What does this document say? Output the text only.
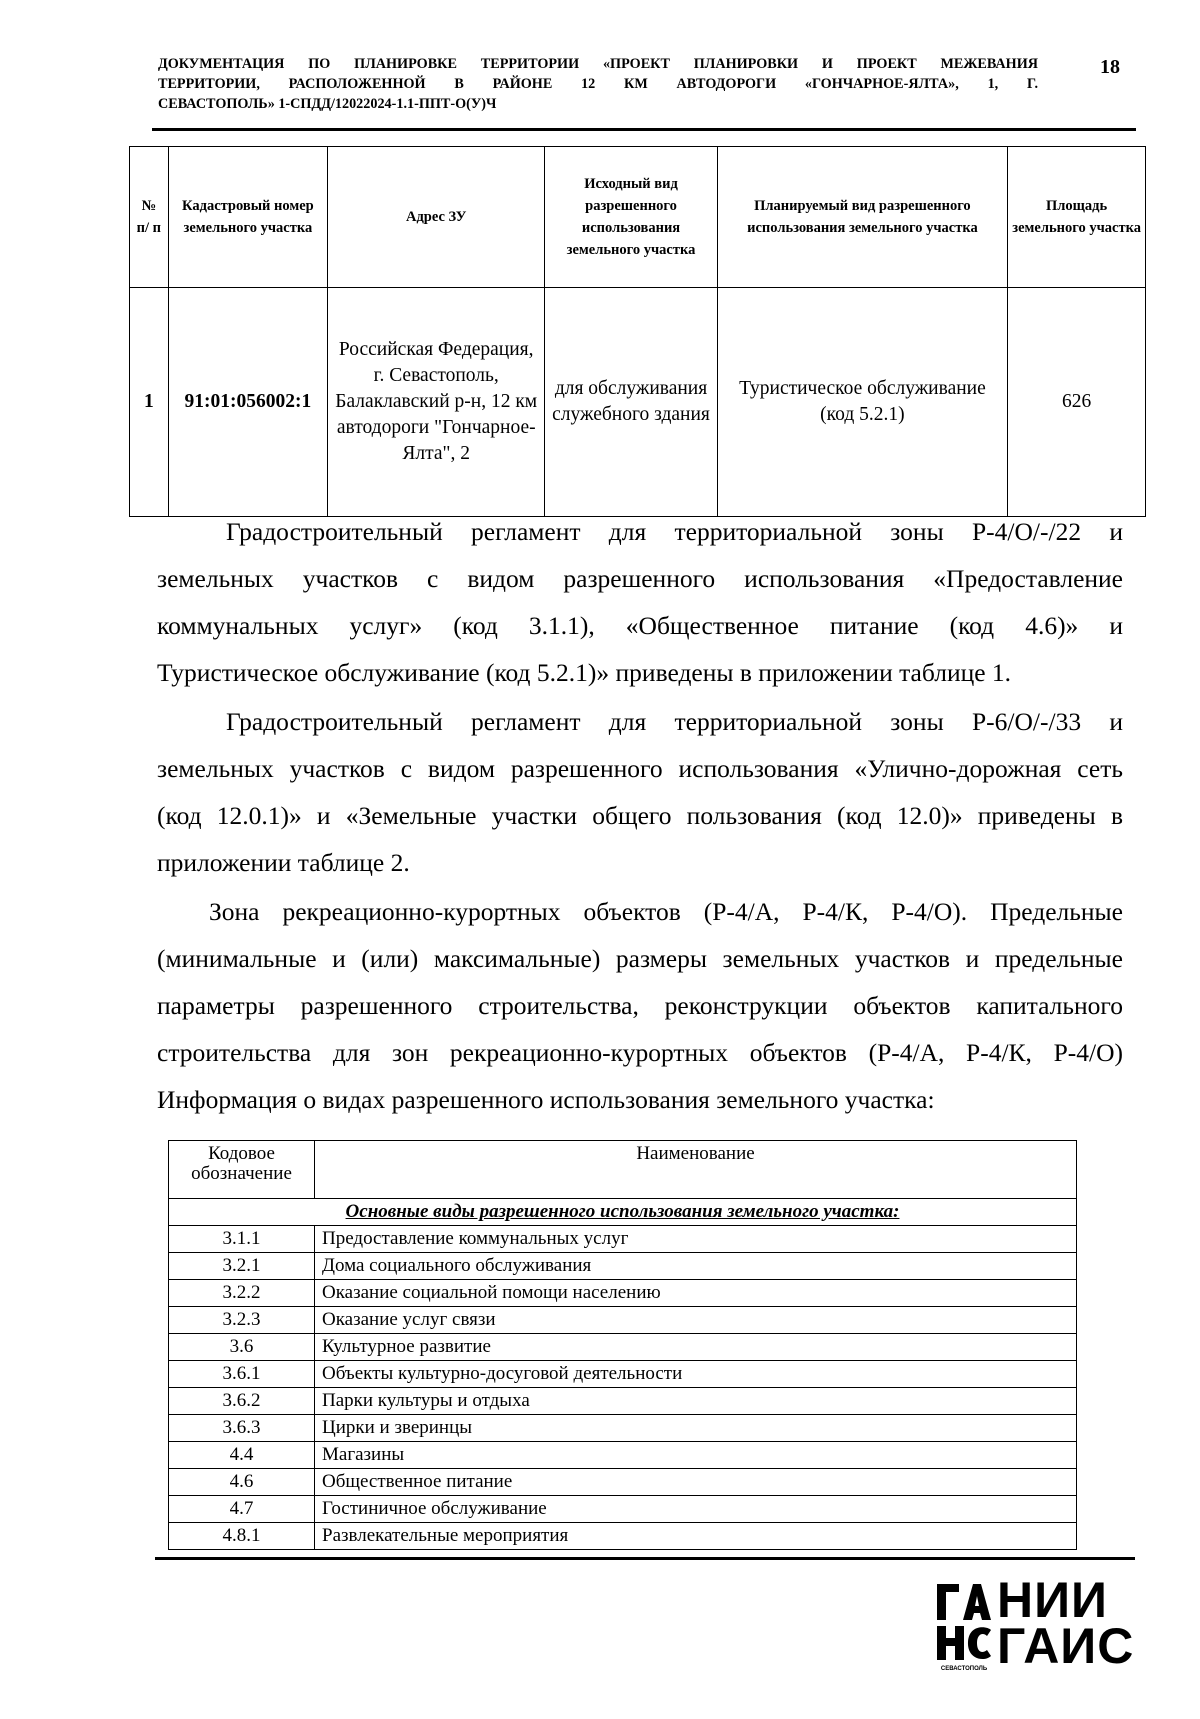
ДОКУМЕНТАЦИЯ ПО ПЛАНИРОВКЕ ТЕРРИТОРИИ «ПРОЕКТ ПЛАНИРОВКИ И ПРОЕКТ МЕЖЕВАНИЯ
ТЕРРИТОРИИ, РАСПОЛОЖЕННОЙ В РАЙОНЕ 12 КМ АВТОДОРОГИ «ГОНЧАРНОЕ-ЯЛТА», 1, Г.
СЕВАСТОПОЛЬ» 1-СПДД/12022024-1.1-ППТ-О(У)Ч
18
№ п/ п	Кадастровый номер земельного участка	Адрес ЗУ	Исходный вид разрешенного использования земельного участка	Планируемый вид разрешенного использования земельного участка	Площадь земельного участка
1	91:01:056002:1	Российская Федерация, г. Севастополь, Балаклавский р-н, 12 км автодороги "Гончарное-Ялта", 2	для обслуживания служебного здания	Туристическое обслуживание (код 5.2.1)	626
Градостроительный регламент для территориальной зоны Р-4/О/-/22 и
земельных участков с видом разрешенного использования «Предоставление
коммунальных услуг» (код 3.1.1), «Общественное питание (код 4.6)» и
Туристическое обслуживание (код 5.2.1)» приведены в приложении таблице 1.
Градостроительный регламент для территориальной зоны Р-6/О/-/33 и
земельных участков с видом разрешенного использования «Улично-дорожная сеть
(код 12.0.1)» и «Земельные участки общего пользования (код 12.0)» приведены в
приложении таблице 2.
Зона рекреационно-курортных объектов (Р-4/А, Р-4/К, Р-4/О). Предельные
(минимальные и (или) максимальные) размеры земельных участков и предельные
параметры разрешенного строительства, реконструкции объектов капитального
строительства для зон рекреационно-курортных объектов (Р-4/А, Р-4/К, Р-4/О)
Информация о видах разрешенного использования земельного участка:
Кодовое обозначение	Наименование
Основные виды разрешенного использования земельного участка:	
3.1.1	Предоставление коммунальных услуг
3.2.1	Дома социального обслуживания
3.2.2	Оказание социальной помощи населению
3.2.3	Оказание услуг связи
3.6	Культурное развитие
3.6.1	Объекты культурно-досуговой деятельности
3.6.2	Парки культуры и отдыха
3.6.3	Цирки и зверинцы
4.4	Магазины
4.6	Общественное питание
4.7	Гостиничное обслуживание
4.8.1	Развлекательные мероприятия
СЕВАСТОПОЛЬ
НИИ
ГАИС
